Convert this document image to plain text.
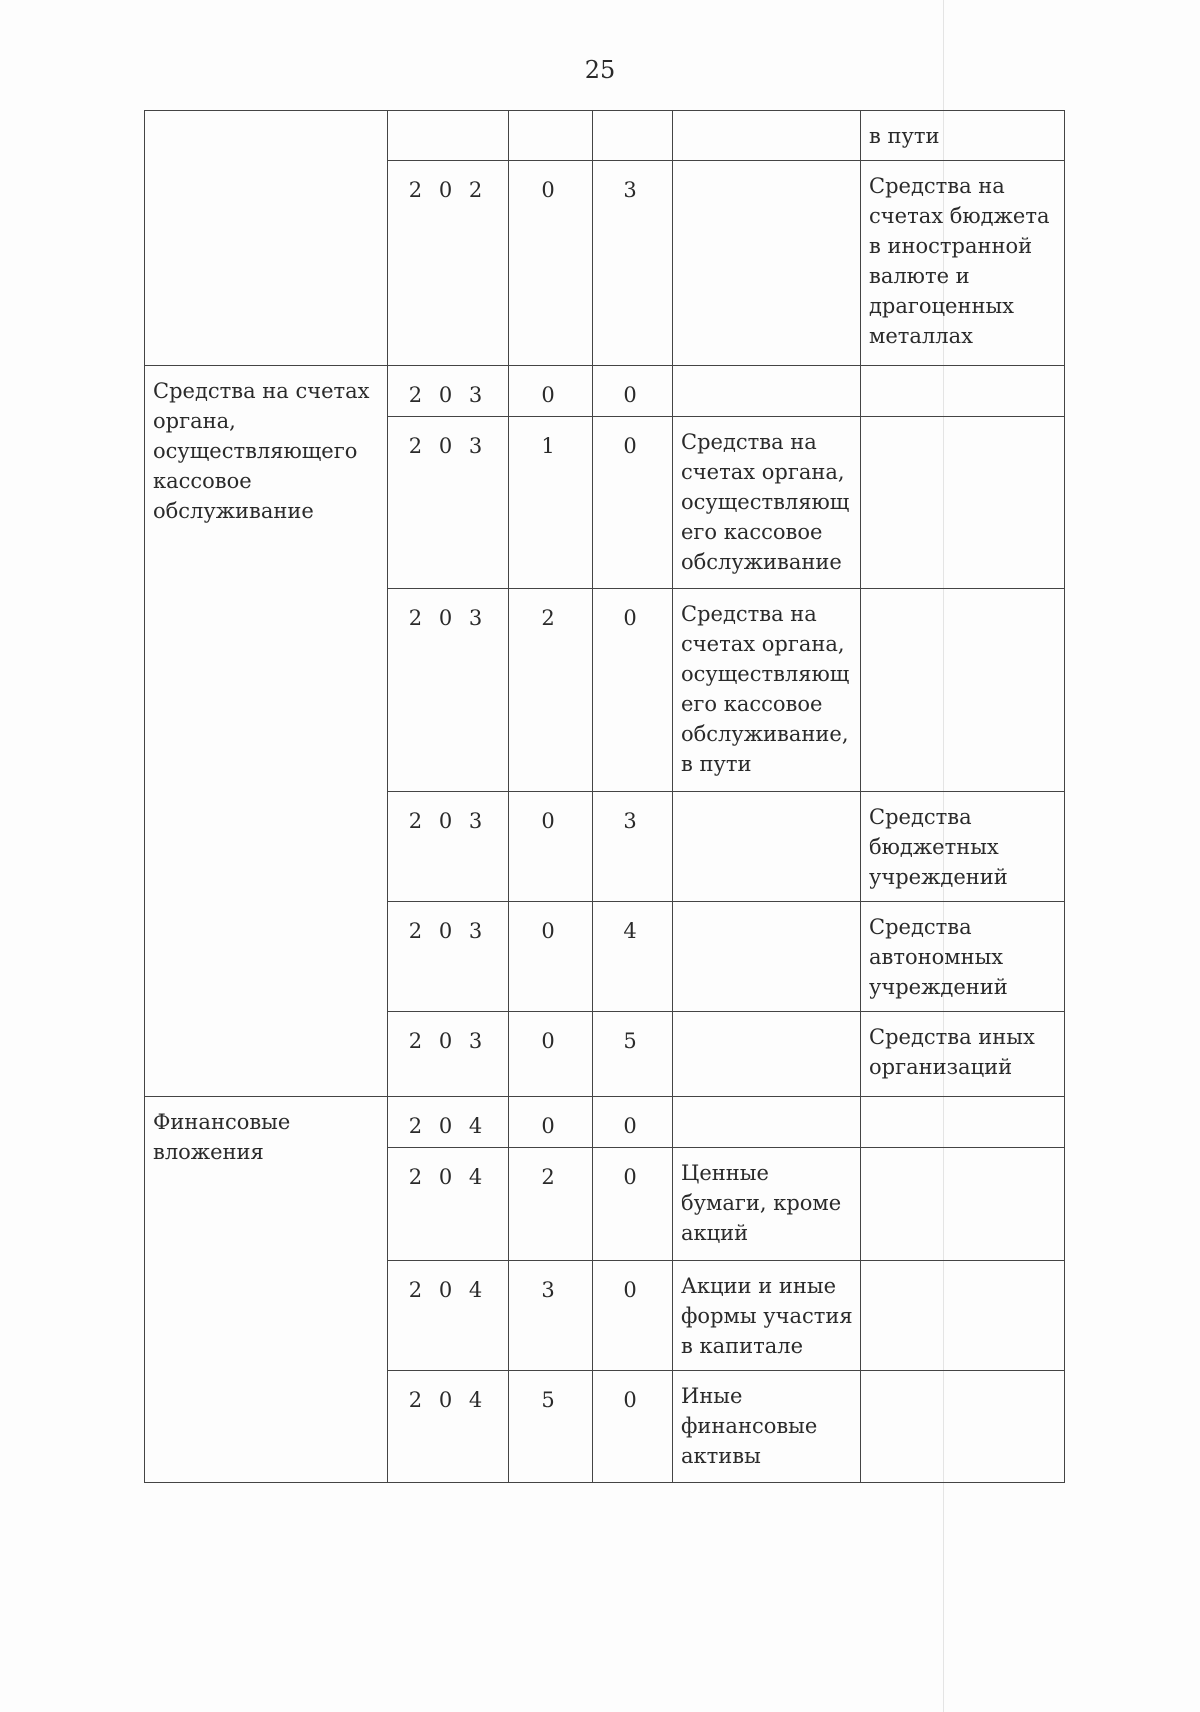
25
					в пути
	2 0 2	0	3		Средства на счетах бюджета в иностранной валюте и драгоценных металлах
Средства на счетах органа, осуществляющего кассовое обслуживание	2 0 3	0	0		
	2 0 3	1	0	Средства на счетах органа, осуществляющ его кассовое обслуживание	
	2 0 3	2	0	Средства на счетах органа, осуществляющ его кассовое обслуживание, в пути	
	2 0 3	0	3		Средства бюджетных учреждений
	2 0 3	0	4		Средства автономных учреждений
	2 0 3	0	5		Средства иных организаций
Финансовые вложения	2 0 4	0	0		
	2 0 4	2	0	Ценные бумаги, кроме акций	
	2 0 4	3	0	Акции и иные формы участия в капитале	
	2 0 4	5	0	Иные финансовые активы	
